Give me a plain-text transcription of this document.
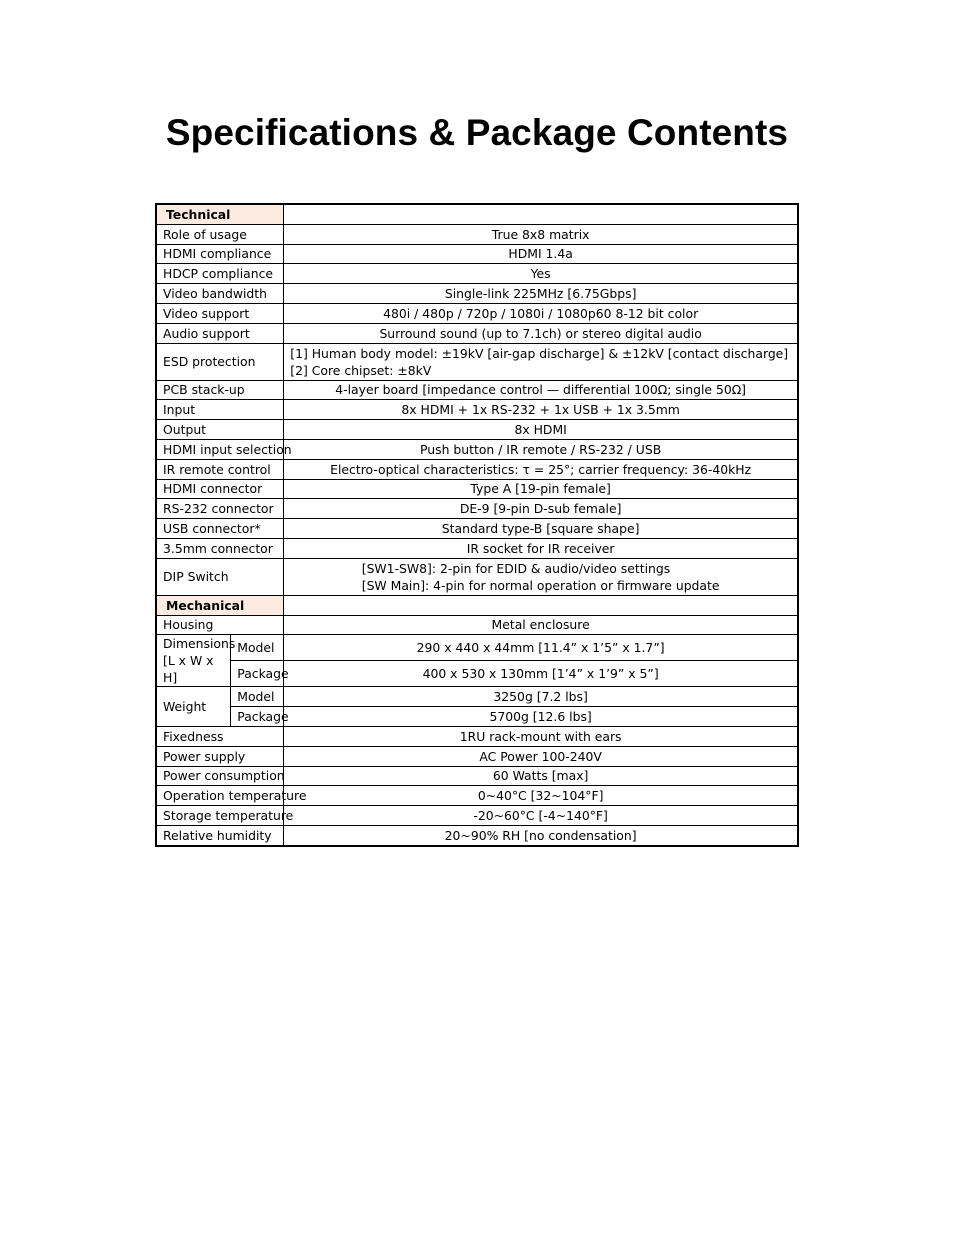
Specifications & Package Contents
Technical		
Role of usage		True 8x8 matrix
HDMI compliance		HDMI 1.4a
HDCP compliance		Yes
Video bandwidth		Single-link 225MHz [6.75Gbps]
Video support		480i / 480p / 720p / 1080i / 1080p60 8-12 bit color
Audio support		Surround sound (up to 7.1ch) or stereo digital audio
ESD protection		[1] Human body model: ±19kV [air-gap discharge] & ±12kV [contact discharge]
[2] Core chipset: ±8kV

PCB stack-up		4-layer board [impedance control — differential 100Ω; single 50Ω]
Input		8x HDMI + 1x RS-232 + 1x USB + 1x 3.5mm
Output		8x HDMI
HDMI input selection		Push button / IR remote / RS-232 / USB
IR remote control		Electro-optical characteristics: τ = 25°; carrier frequency: 36-40kHz
HDMI connector		Type A [19-pin female]
RS-232 connector		DE-9 [9-pin D-sub female]
USB connector*		Standard type-B [square shape]
3.5mm connector		IR socket for IR receiver
DIP Switch		[SW1-SW8]: 2-pin for EDID & audio/video settings
[SW Main]: 4-pin for normal operation or firmware update

Mechanical		
Housing		Metal enclosure

Dimensions
[L x W x H]	Model	290 x 440 x 44mm [11.4” x 1’5” x 1.7”]
	Package	400 x 530 x 130mm [1’4” x 1’9” x 5”]
Weight	Model	3250g [7.2 lbs]
	Package	5700g [12.6 lbs]
Fixedness		1RU rack-mount with ears
Power supply		AC Power 100-240V
Power consumption		60 Watts [max]
Operation temperature		0~40°C [32~104°F]
Storage temperature		-20~60°C [-4~140°F]
Relative humidity		20~90% RH [no condensation]
